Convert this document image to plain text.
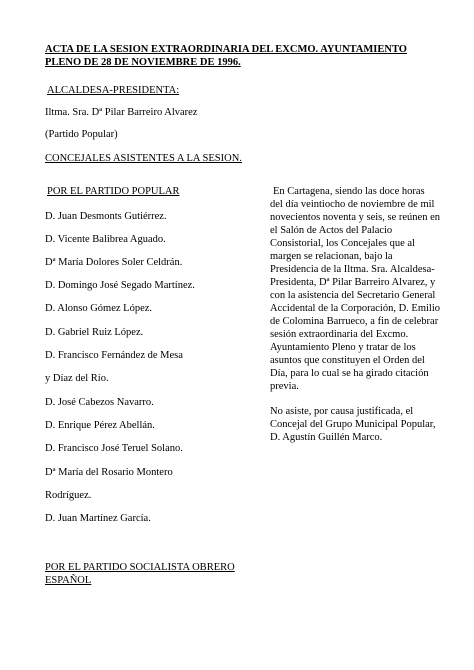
ACTA DE LA SESION EXTRAORDINARIA DEL EXCMO. AYUNTAMIENTO PLENO DE 28 DE NOVIEMBRE DE 1996.
ALCALDESA-PRESIDENTA:
Iltma. Sra. Dª Pilar Barreiro Alvarez
(Partido Popular)
CONCEJALES ASISTENTES A LA SESION.
POR EL PARTIDO POPULAR
D. Juan Desmonts Gutiérrez.
D. Vicente Balibrea Aguado.
Dª María Dolores Soler Celdrán.
D. Domingo José Segado Martínez.
D. Alonso Gómez López.
D. Gabriel Ruiz López.
D. Francisco Fernández de Mesa
y Díaz del Río.
D. José Cabezos Navarro.
D. Enrique Pérez Abellán.
D. Francisco José Teruel Solano.
Dª María del Rosario Montero
Rodríguez.
D. Juan Martínez García.
POR EL PARTIDO SOCIALISTA OBRERO
ESPAÑOL
En Cartagena, siendo las doce horas del día veintiocho de noviembre de mil novecientos noventa y seis, se reúnen en el Salón de Actos del Palacio Consistorial, los Concejales que al margen se relacionan, bajo la Presidencia de la Iltma. Sra. Alcaldesa-Presidenta, Dª Pilar Barreiro Alvarez, y con la asistencia del Secretario General Accidental de la Corporación, D. Emilio de Colomina Barrueco, a fin de celebrar sesión extraordinaria del Excmo. Ayuntamiento Pleno y tratar de los asuntos que constituyen el Orden del Día, para lo cual se ha girado citación previa.
No asiste, por causa justificada, el Concejal del Grupo Municipal Popular, D. Agustín Guillén Marco.
